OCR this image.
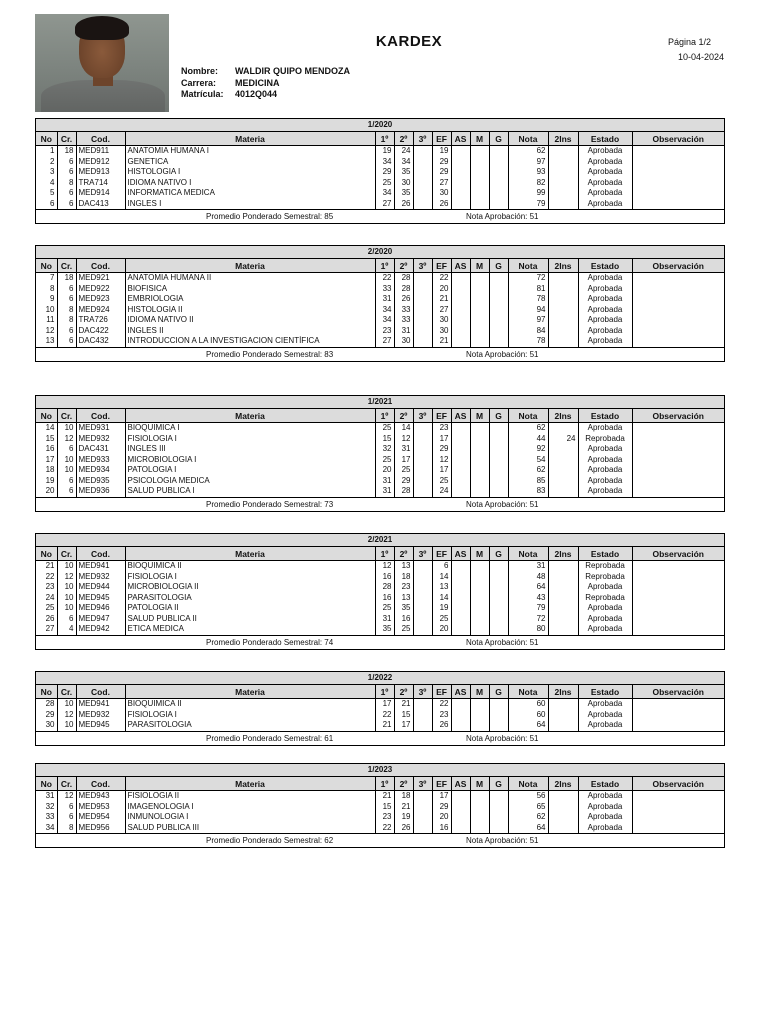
KARDEX	Página 1/2
10-04-2024
Nombre:	WALDIR QUIPO MENDOZA
Carrera:	MEDICINA
Matrícula:	4012Q044
1/2020
No	Cr.	Cod.	Materia	1º	2º	3º	EF	AS	M	G	Nota	2Ins	Estado	Observación
1	18	MED911	ANATOMIA HUMANA I	19	24		19				62		Aprobada	
2	6	MED912	GENETICA	34	34		29				97		Aprobada	
3	6	MED913	HISTOLOGIA I	29	35		29				93		Aprobada	
4	8	TRA714	IDIOMA NATIVO I	25	30		27				82		Aprobada	
5	6	MED914	INFORMATICA MEDICA	34	35		30				99		Aprobada	
6	6	DAC413	INGLES I	27	26		26				79		Aprobada	
Promedio Ponderado Semestral: 85	Nota Aprobación: 51
2/2020
No	Cr.	Cod.	Materia	1º	2º	3º	EF	AS	M	G	Nota	2Ins	Estado	Observación
7	18	MED921	ANATOMIA HUMANA II	22	28		22				72		Aprobada	
8	6	MED922	BIOFISICA	33	28		20				81		Aprobada	
9	6	MED923	EMBRIOLOGIA	31	26		21				78		Aprobada	
10	8	MED924	HISTOLOGIA II	34	33		27				94		Aprobada	
11	8	TRA726	IDIOMA NATIVO II	34	33		30				97		Aprobada	
12	6	DAC422	INGLES II	23	31		30				84		Aprobada	
13	6	DAC432	INTRODUCCION A LA INVESTIGACION CIENTÍFICA	27	30		21				78		Aprobada	
Promedio Ponderado Semestral: 83	Nota Aprobación: 51
1/2021
No	Cr.	Cod.	Materia	1º	2º	3º	EF	AS	M	G	Nota	2Ins	Estado	Observación
14	10	MED931	BIOQUIMICA I	25	14		23				62		Aprobada	
15	12	MED932	FISIOLOGIA I	15	12		17				44	24	Reprobada	
16	6	DAC431	INGLES III	32	31		29				92		Aprobada	
17	10	MED933	MICROBIOLOGIA I	25	17		12				54		Aprobada	
18	10	MED934	PATOLOGIA I	20	25		17				62		Aprobada	
19	6	MED935	PSICOLOGIA MEDICA	31	29		25				85		Aprobada	
20	6	MED936	SALUD PUBLICA I	31	28		24				83		Aprobada	
Promedio Ponderado Semestral: 73	Nota Aprobación: 51
2/2021
No	Cr.	Cod.	Materia	1º	2º	3º	EF	AS	M	G	Nota	2Ins	Estado	Observación
21	10	MED941	BIOQUIMICA II	12	13		6				31		Reprobada	
22	12	MED932	FISIOLOGIA I	16	18		14				48		Reprobada	
23	10	MED944	MICROBIOLOGIA II	28	23		13				64		Aprobada	
24	10	MED945	PARASITOLOGIA	16	13		14				43		Reprobada	
25	10	MED946	PATOLOGIA II	25	35		19				79		Aprobada	
26	6	MED947	SALUD PUBLICA II	31	16		25				72		Aprobada	
27	4	MED942	ETICA MEDICA	35	25		20				80		Aprobada	
Promedio Ponderado Semestral: 74	Nota Aprobación: 51
1/2022
No	Cr.	Cod.	Materia	1º	2º	3º	EF	AS	M	G	Nota	2Ins	Estado	Observación
28	10	MED941	BIOQUIMICA II	17	21		22				60		Aprobada	
29	12	MED932	FISIOLOGIA I	22	15		23				60		Aprobada	
30	10	MED945	PARASITOLOGIA	21	17		26				64		Aprobada	
Promedio Ponderado Semestral: 61	Nota Aprobación: 51
1/2023
No	Cr.	Cod.	Materia	1º	2º	3º	EF	AS	M	G	Nota	2Ins	Estado	Observación
31	12	MED943	FISIOLOGIA II	21	18		17				56		Aprobada	
32	6	MED953	IMAGENOLOGIA I	15	21		29				65		Aprobada	
33	6	MED954	INMUNOLOGIA I	23	19		20				62		Aprobada	
34	8	MED956	SALUD PUBLICA III	22	26		16				64		Aprobada	
Promedio Ponderado Semestral: 62	Nota Aprobación: 51
